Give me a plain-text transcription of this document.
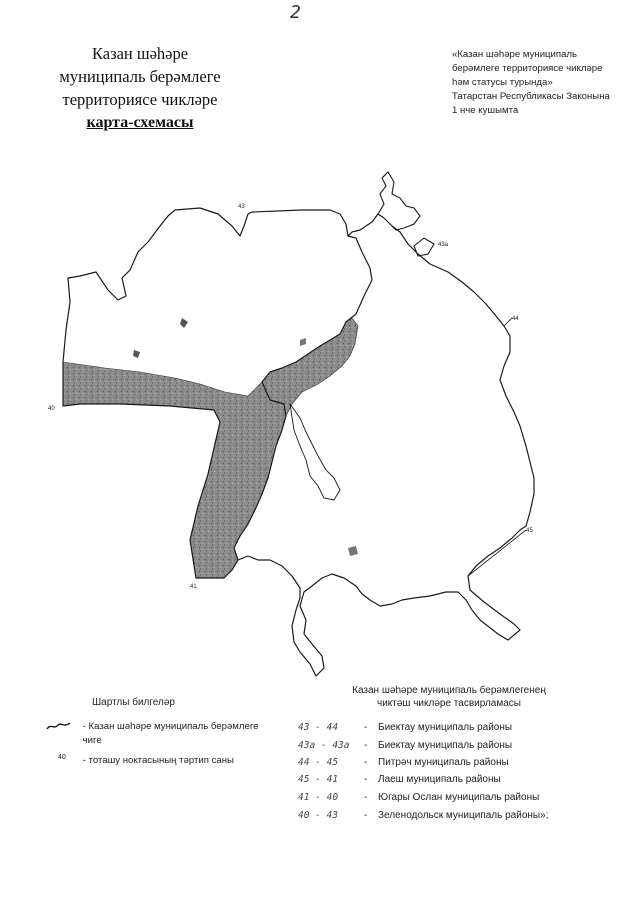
2
Казан шәһәре
муниципаль берәмлеге
территориясе чикләре
карта-схемасы
«Казан шәһәре муниципаль
берәмлеге территориясе чикләре
һәм статусы турында»
Татарстан Республикасы Законына
1 нче кушымта
43
43а
44
40
45
41
Шартлы билгеләр
- Казан шәһәре муниципаль берәмлеге чиге
40 - тоташу ноктасының тәртип саны
Казан шәһәре муниципаль берәмлегенең
чиктәш чикләре тасвирламасы
43 - 44	- Биектау муниципаль районы
43а - 43а - Биектау муниципаль районы
44 - 45	- Питрәч муниципаль районы
45 - 41	- Лаеш муниципаль районы
41 - 40	- Югары Ослан муниципаль районы
40 - 43	- Зеленодольск муниципаль районы»;
